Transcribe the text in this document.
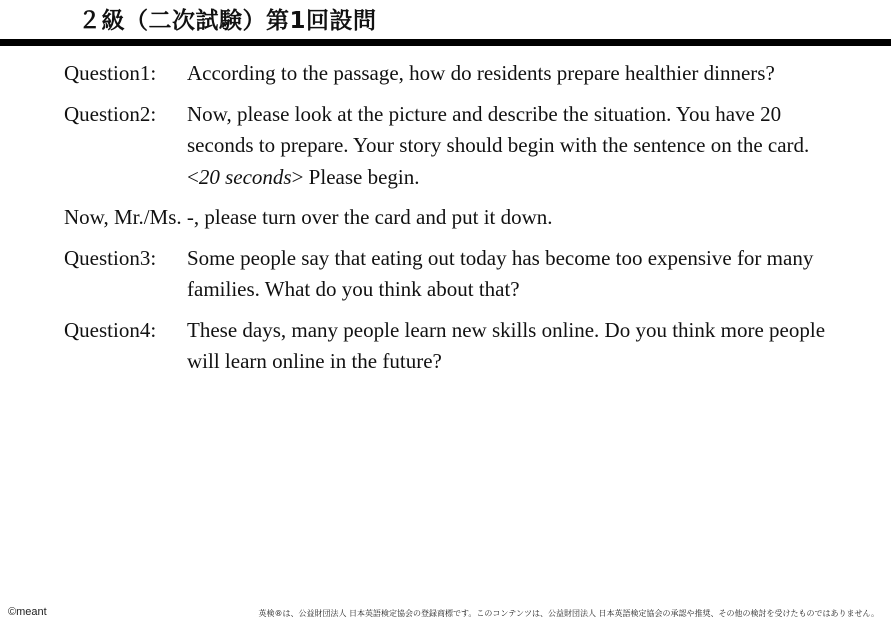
２級（二次試験）第1回設問
Question1:	According to the passage, how do residents prepare healthier dinners?
Question2:	Now, please look at the picture and describe the situation. You have 20 seconds to prepare. Your story should begin with the sentence on the card. <20 seconds> Please begin.
Now, Mr./Ms. -, please turn over the card and put it down.
Question3:	Some people say that eating out today has become too expensive for many families. What do you think about that?
Question4:	These days, many people learn new skills online. Do you think more people will learn online in the future?
©meant	英検®は、公益財団法人 日本英語検定協会の登録商標です。このコンテンツは、公益財団法人 日本英語検定協会の承認や推奨、その他の検討を受けたものではありません。
